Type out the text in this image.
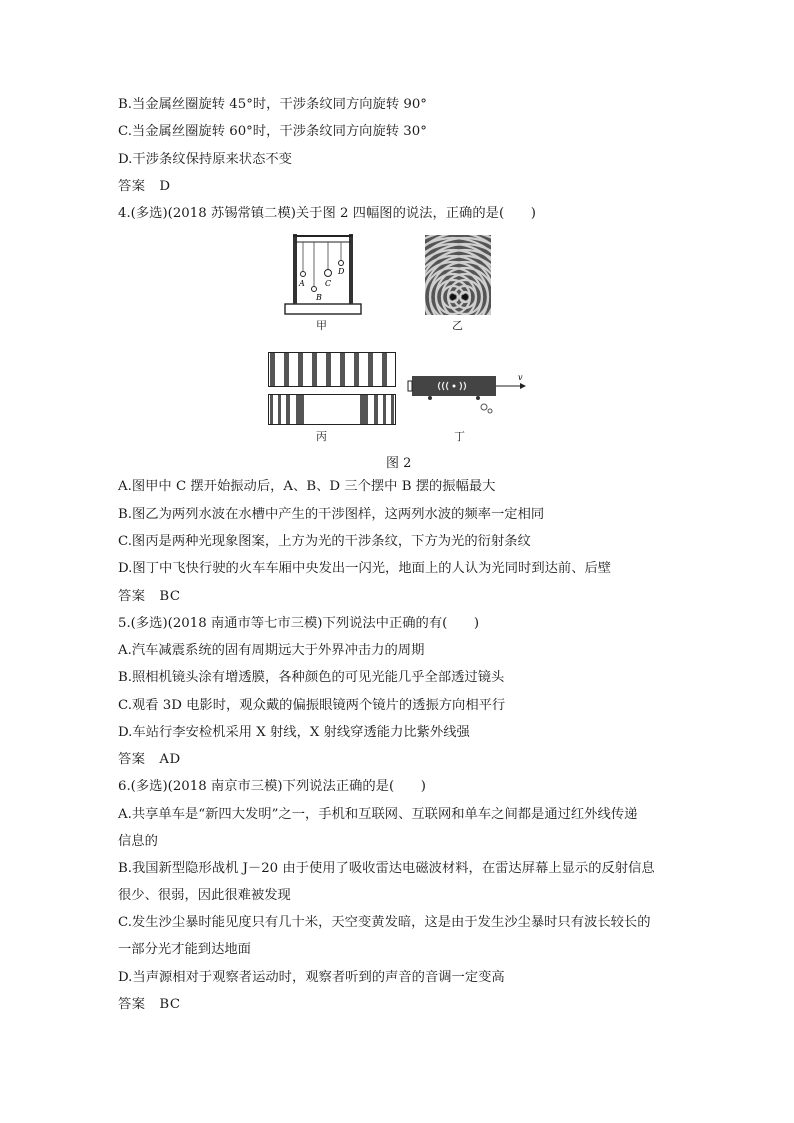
B.当金属丝圈旋转 45°时，干涉条纹同方向旋转 90°
C.当金属丝圈旋转 60°时，干涉条纹同方向旋转 30°
D.干涉条纹保持原来状态不变
答案　D
4.(多选)(2018 苏锡常镇二模)关于图 2 四幅图的说法，正确的是(　　)
A
B
C
D
甲	乙
丙
v
丁
图 2
A.图甲中 C 摆开始振动后，A、B、D 三个摆中 B 摆的振幅最大
B.图乙为两列水波在水槽中产生的干涉图样，这两列水波的频率一定相同
C.图丙是两种光现象图案，上方为光的干涉条纹，下方为光的衍射条纹
D.图丁中飞快行驶的火车车厢中央发出一闪光，地面上的人认为光同时到达前、后壁
答案　BC
5.(多选)(2018 南通市等七市三模)下列说法中正确的有(　　)
A.汽车减震系统的固有周期远大于外界冲击力的周期
B.照相机镜头涂有增透膜，各种颜色的可见光能几乎全部透过镜头
C.观看 3D 电影时，观众戴的偏振眼镜两个镜片的透振方向相平行
D.车站行李安检机采用 X 射线，X 射线穿透能力比紫外线强
答案　AD
6.(多选)(2018 南京市三模)下列说法正确的是(　　)
A.共享单车是“新四大发明”之一，手机和互联网、互联网和单车之间都是通过红外线传递
信息的
B.我国新型隐形战机 J－20 由于使用了吸收雷达电磁波材料，在雷达屏幕上显示的反射信息
很少、很弱，因此很难被发现
C.发生沙尘暴时能见度只有几十米，天空变黄发暗，这是由于发生沙尘暴时只有波长较长的
一部分光才能到达地面
D.当声源相对于观察者运动时，观察者听到的声音的音调一定变高
答案　BC
